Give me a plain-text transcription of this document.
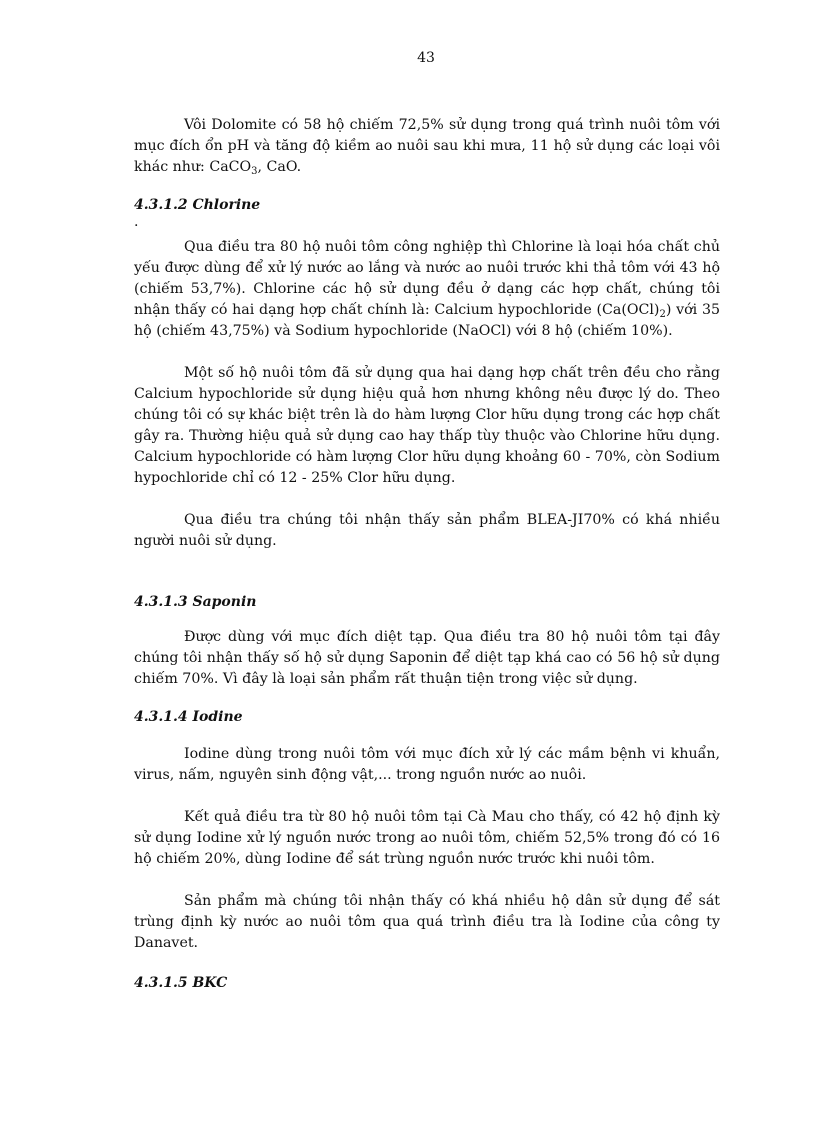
43

Vôi Dolomite có 58 hộ chiếm 72,5% sử dụng trong quá trình nuôi tôm với mục đích ổn pH và tăng độ kiềm ao nuôi sau khi mưa, 11 hộ sử dụng các loại vôi khác như: CaCO$_3$, CaO.

4.3.1.2 Chlorine
.

Qua điều tra 80 hộ nuôi tôm công nghiệp thì Chlorine là loại hóa chất chủ yếu được dùng để xử lý nước ao lắng và nước ao nuôi trước khi thả tôm với 43 hộ (chiếm 53,7%). Chlorine các hộ sử dụng đều ở dạng các hợp chất, chúng tôi nhận thấy có hai dạng hợp chất chính là: Calcium hypochloride $(Ca(OCl)_2)$ với 35 hộ (chiếm 43,75%) và Sodium hypochloride (NaOCl) với 8 hộ (chiếm 10%).

Một số hộ nuôi tôm đã sử dụng qua hai dạng hợp chất trên đều cho rằng Calcium hypochloride sử dụng hiệu quả hơn nhưng không nêu được lý do. Theo chúng tôi có sự khác biệt trên là do hàm lượng Clor hữu dụng trong các hợp chất gây ra. Thường hiệu quả sử dụng cao hay thấp tùy thuộc vào Chlorine hữu dụng. Calcium hypochloride có hàm lượng Clor hữu dụng khoảng 60 - 70%, còn Sodium hypochloride chỉ có 12 - 25% Clor hữu dụng.

Qua điều tra chúng tôi nhận thấy sản phẩm BLEA-JI70% có khá nhiều người nuôi sử dụng.

4.3.1.3 Saponin

Được dùng với mục đích diệt tạp. Qua điều tra 80 hộ nuôi tôm tại đây chúng tôi nhận thấy số hộ sử dụng Saponin để diệt tạp khá cao có 56 hộ sử dụng chiếm 70%. Vì đây là loại sản phẩm rất thuận tiện trong việc sử dụng.

4.3.1.4 Iodine

Iodine dùng trong nuôi tôm với mục đích xử lý các mầm bệnh vi khuẩn, virus, nấm, nguyên sinh động vật,... trong nguồn nước ao nuôi.

Kết quả điều tra từ 80 hộ nuôi tôm tại Cà Mau cho thấy, có 42 hộ định kỳ sử dụng Iodine xử lý nguồn nước trong ao nuôi tôm, chiếm 52,5% trong đó có 16 hộ chiếm 20%, dùng Iodine để sát trùng nguồn nước trước khi nuôi tôm.

Sản phẩm mà chúng tôi nhận thấy có khá nhiều hộ dân sử dụng để sát trùng định kỳ nước ao nuôi tôm qua quá trình điều tra là Iodine của công ty Danavet.

4.3.1.5 BKC
